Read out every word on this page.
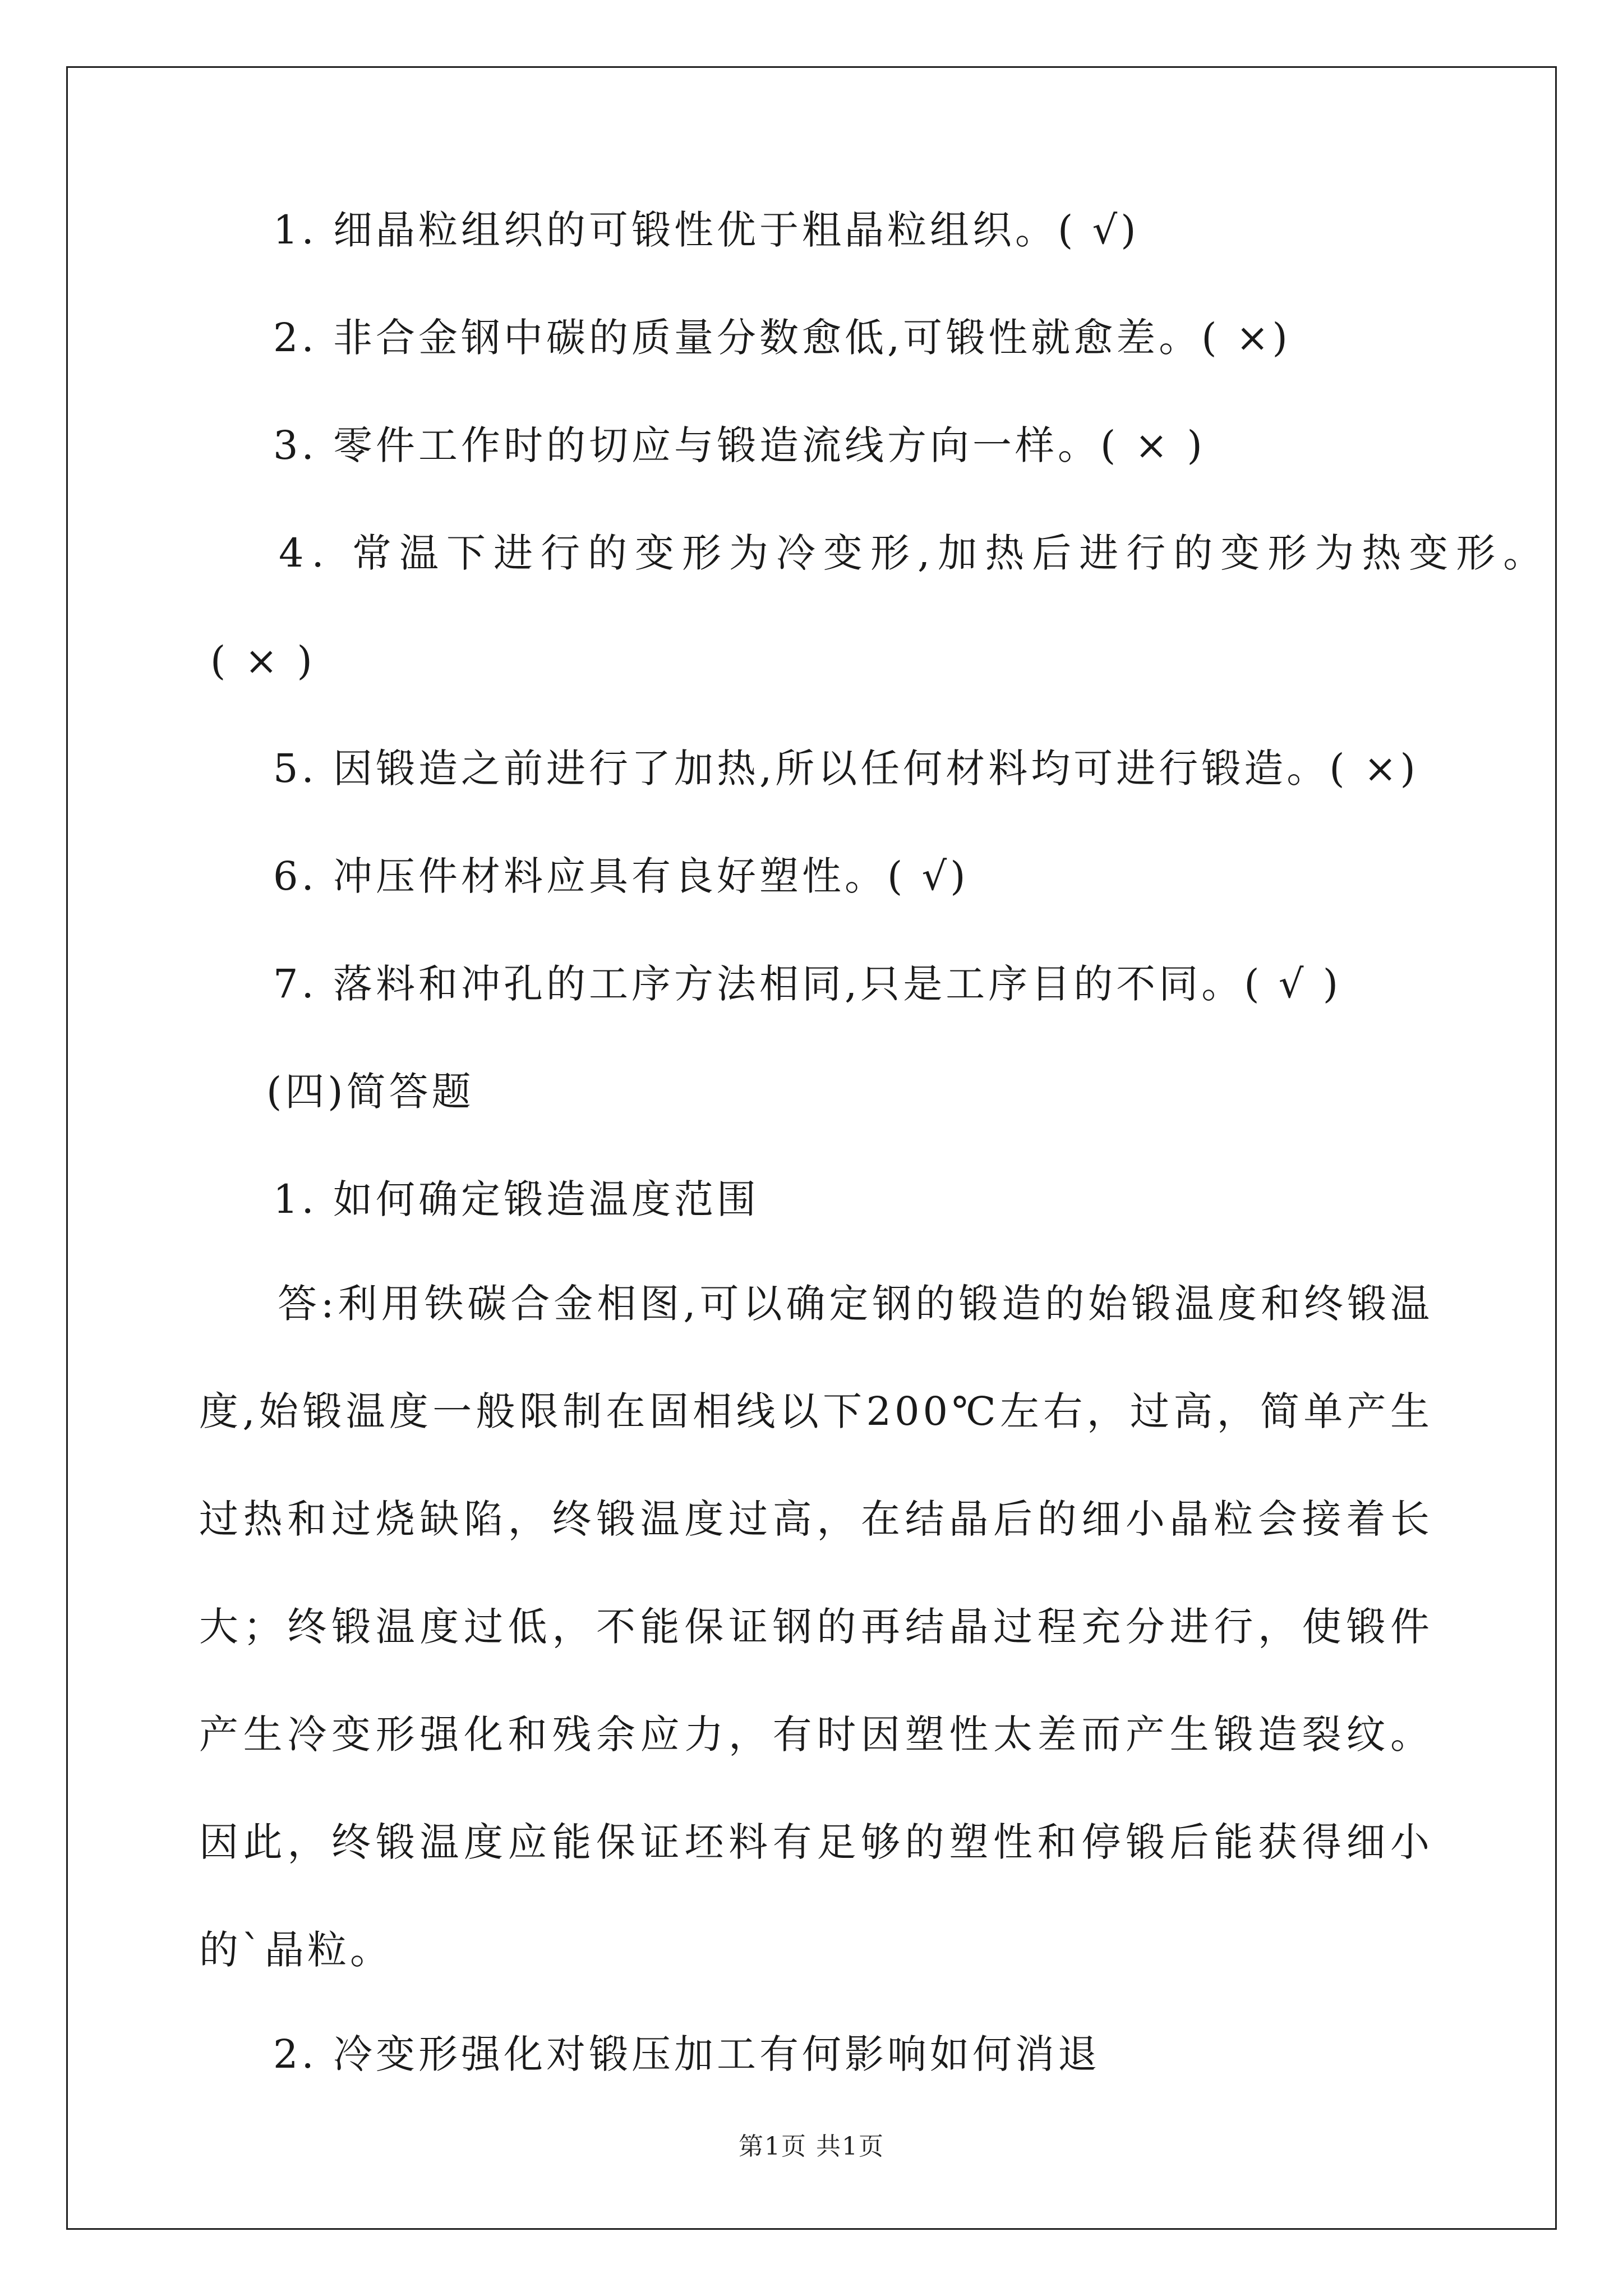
1. 细晶粒组织的可锻性优于粗晶粒组织。( √)
2. 非合金钢中碳的质量分数愈低,可锻性就愈差。( ×)
3. 零件工作时的切应与锻造流线方向一样。( × )
4. 常温下进行的变形为冷变形,加热后进行的变形为热变形。
( × )
5. 因锻造之前进行了加热,所以任何材料均可进行锻造。( ×)
6. 冲压件材料应具有良好塑性。( √)
7. 落料和冲孔的工序方法相同,只是工序目的不同。( √ )
(四)简答题
1. 如何确定锻造温度范围
答:利用铁碳合金相图,可以确定钢的锻造的始锻温度和终锻温度,始锻温度一般限制在固相线以下200℃左右，过高，简单产生过热和过烧缺陷，终锻温度过高，在结晶后的细小晶粒会接着长大；终锻温度过低，不能保证钢的再结晶过程充分进行，使锻件产生冷变形强化和残余应力，有时因塑性太差而产生锻造裂纹。因此，终锻温度应能保证坯料有足够的塑性和停锻后能获得细小的`晶粒。
2. 冷变形强化对锻压加工有何影响如何消退
第1页 共1页
